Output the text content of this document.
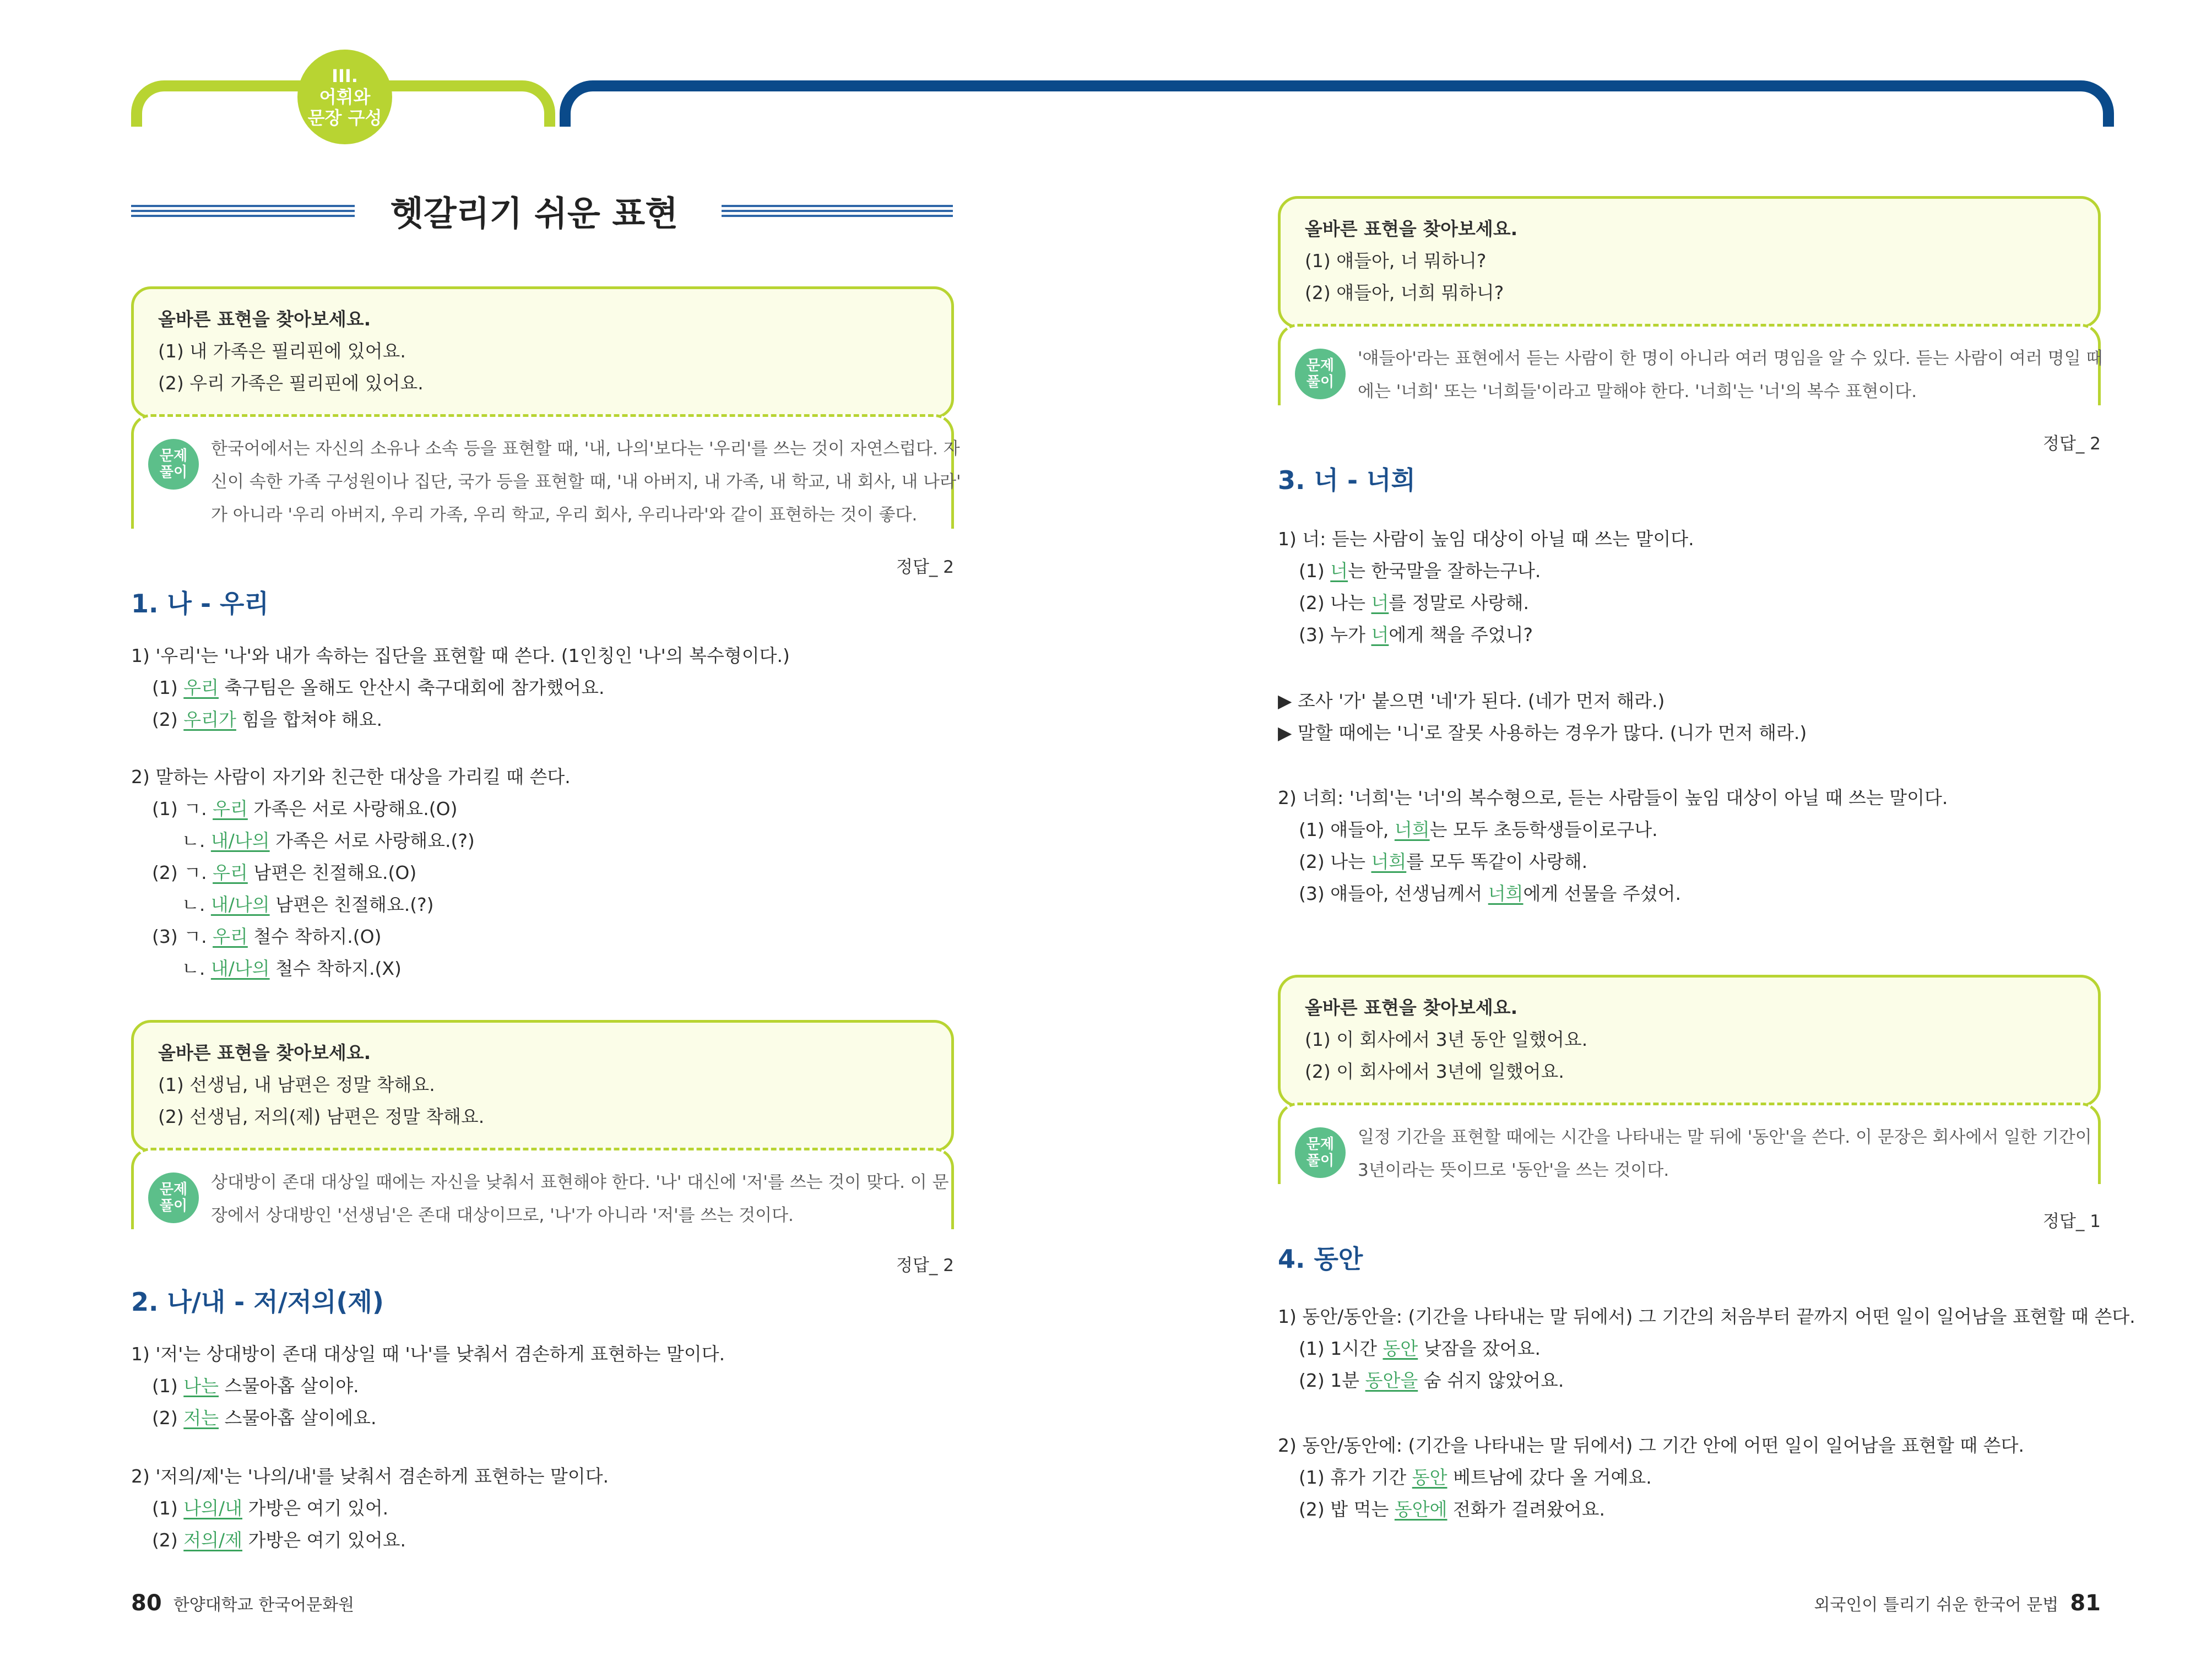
III.
어휘와
문장 구성
헷갈리기 쉬운 표현
올바른 표현을 찾아보세요.
(1) 내 가족은 필리핀에 있어요.
(2) 우리 가족은 필리핀에 있어요.
문제
풀이
한국어에서는 자신의 소유나 소속 등을 표현할 때, '내, 나의'보다는 '우리'를 쓰는 것이 자연스럽다. 자
신이 속한 가족 구성원이나 집단, 국가 등을 표현할 때, '내 아버지, 내 가족, 내 학교, 내 회사, 내 나라'
가 아니라 '우리 아버지, 우리 가족, 우리 학교, 우리 회사, 우리나라'와 같이 표현하는 것이 좋다.
정답_ 2
1. 나 - 우리
1) '우리'는 '나'와 내가 속하는 집단을 표현할 때 쓴다. (1인칭인 '나'의 복수형이다.)
(1) 우리 축구팀은 올해도 안산시 축구대회에 참가했어요.
(2) 우리가 힘을 합쳐야 해요.
2) 말하는 사람이 자기와 친근한 대상을 가리킬 때 쓴다.
(1) ㄱ. 우리 가족은 서로 사랑해요.(O)
ㄴ. 내/나의 가족은 서로 사랑해요.(?)
(2) ㄱ. 우리 남편은 친절해요.(O)
ㄴ. 내/나의 남편은 친절해요.(?)
(3) ㄱ. 우리 철수 착하지.(O)
ㄴ. 내/나의 철수 착하지.(X)
올바른 표현을 찾아보세요.
(1) 선생님, 내 남편은 정말 착해요.
(2) 선생님, 저의(제) 남편은 정말 착해요.
문제
풀이
상대방이 존대 대상일 때에는 자신을 낮춰서 표현해야 한다. '나' 대신에 '저'를 쓰는 것이 맞다. 이 문
장에서 상대방인 '선생님'은 존대 대상이므로, '나'가 아니라 '저'를 쓰는 것이다.
정답_ 2
2. 나/내 - 저/저의(제)
1) '저'는 상대방이 존대 대상일 때 '나'를 낮춰서 겸손하게 표현하는 말이다.
(1) 나는 스물아홉 살이야.
(2) 저는 스물아홉 살이에요.
2) '저의/제'는 '나의/내'를 낮춰서 겸손하게 표현하는 말이다.
(1) 나의/내 가방은 여기 있어.
(2) 저의/제 가방은 여기 있어요.
80 한양대학교 한국어문화원
올바른 표현을 찾아보세요.
(1) 얘들아, 너 뭐하니?
(2) 얘들아, 너희 뭐하니?
문제
풀이
'얘들아'라는 표현에서 듣는 사람이 한 명이 아니라 여러 명임을 알 수 있다. 듣는 사람이 여러 명일 때
에는 '너희' 또는 '너희들'이라고 말해야 한다. '너희'는 '너'의 복수 표현이다.
정답_ 2
3. 너 - 너희
1) 너: 듣는 사람이 높임 대상이 아닐 때 쓰는 말이다.
(1) 너는 한국말을 잘하는구나.
(2) 나는 너를 정말로 사랑해.
(3) 누가 너에게 책을 주었니?
▶ 조사 '가' 붙으면 '네'가 된다. (네가 먼저 해라.)
▶ 말할 때에는 '니'로 잘못 사용하는 경우가 많다. (니가 먼저 해라.)
2) 너희: '너희'는 '너'의 복수형으로, 듣는 사람들이 높임 대상이 아닐 때 쓰는 말이다.
(1) 얘들아, 너희는 모두 초등학생들이로구나.
(2) 나는 너희를 모두 똑같이 사랑해.
(3) 얘들아, 선생님께서 너희에게 선물을 주셨어.
올바른 표현을 찾아보세요.
(1) 이 회사에서 3년 동안 일했어요.
(2) 이 회사에서 3년에 일했어요.
문제
풀이
일정 기간을 표현할 때에는 시간을 나타내는 말 뒤에 '동안'을 쓴다. 이 문장은 회사에서 일한 기간이
3년이라는 뜻이므로 '동안'을 쓰는 것이다.
정답_ 1
4. 동안
1) 동안/동안을: (기간을 나타내는 말 뒤에서) 그 기간의 처음부터 끝까지 어떤 일이 일어남을 표현할 때 쓴다.
(1) 1시간 동안 낮잠을 잤어요.
(2) 1분 동안을 숨 쉬지 않았어요.
2) 동안/동안에: (기간을 나타내는 말 뒤에서) 그 기간 안에 어떤 일이 일어남을 표현할 때 쓴다.
(1) 휴가 기간 동안 베트남에 갔다 올 거예요.
(2) 밥 먹는 동안에 전화가 걸려왔어요.
외국인이 틀리기 쉬운 한국어 문법 81
